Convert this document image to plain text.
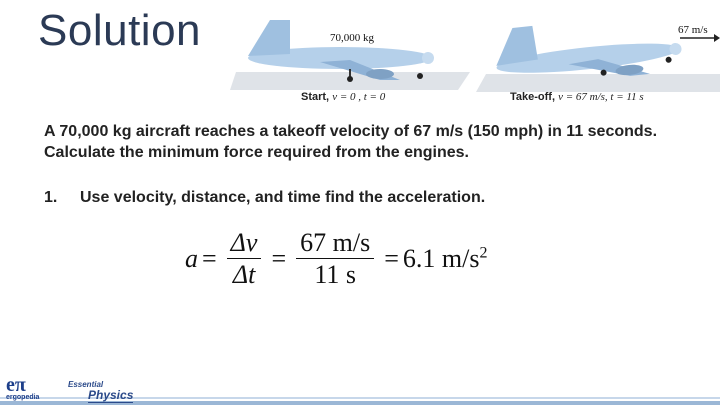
Solution	70,000 kg
67 m/s
Start, v = 0 , t = 0	Take-off, v = 67 m/s, t = 11 s
A 70,000 kg aircraft reaches a takeoff velocity of 67 m/s (150 mph) in 11 seconds. Calculate the minimum force required from the engines.
1. Use velocity, distance, and time find the acceleration.
$a = \frac{\Delta v}{\Delta t} = \frac{67 m/s}{11 s} = 6.1$ $m/s^2$
eπ
ergopedia
Essential
Physics
